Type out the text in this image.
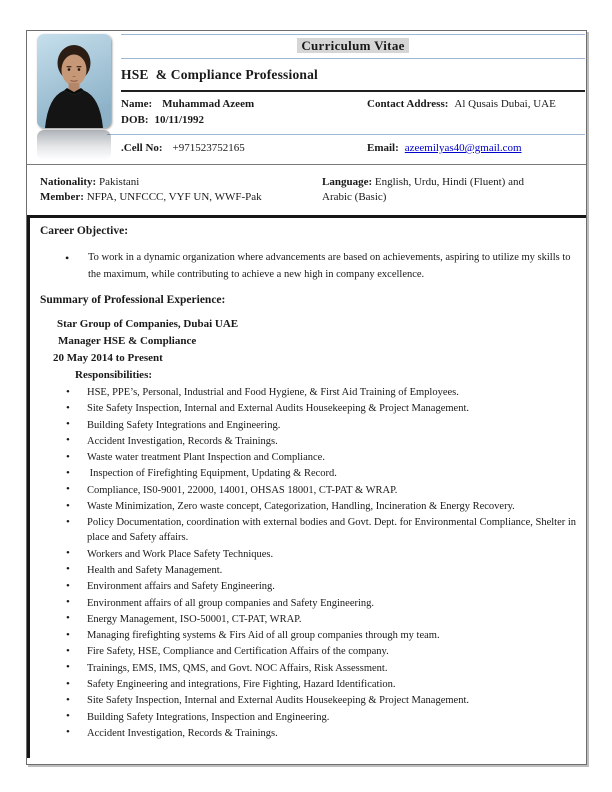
Curriculum Vitae
HSE  & Compliance Professional
Name: Muhammad Azeem	Contact Address: Al Qusais Dubai, UAE
DOB: 10/11/1992
.Cell No: +971523752165	Email: azeemilyas40@gmail.com
Nationality: Pakistani
Member: NFPA, UNFCCC, VYF UN, WWF-Pak
Language: English, Urdu, Hindi (Fluent) and Arabic (Basic)
Career Objective:
• To work in a dynamic organization where advancements are based on achievements, aspiring to utilize my skills to the maximum, while contributing to achieve a new high in company excellence.
Summary of Professional Experience:
Star Group of Companies, Dubai UAE
Manager HSE & Compliance
20 May 2014 to Present
Responsibilities:
• HSE, PPE’s, Personal, Industrial and Food Hygiene, & First Aid Training of Employees.
• Site Safety Inspection, Internal and External Audits Housekeeping & Project Management.
• Building Safety Integrations and Engineering.
• Accident Investigation, Records & Trainings.
• Waste water treatment Plant Inspection and Compliance.
•  Inspection of Firefighting Equipment, Updating & Record.
• Compliance, IS0-9001, 22000, 14001, OHSAS 18001, CT-PAT & WRAP.
• Waste Minimization, Zero waste concept, Categorization, Handling, Incineration & Energy Recovery.
• Policy Documentation, coordination with external bodies and Govt. Dept. for Environmental Compliance, Shelter in place and Safety affairs.
• Workers and Work Place Safety Techniques.
• Health and Safety Management.
• Environment affairs and Safety Engineering.
• Environment affairs of all group companies and Safety Engineering.
• Energy Management, ISO-50001, CT-PAT, WRAP.
• Managing firefighting systems & Firs Aid of all group companies through my team.
• Fire Safety, HSE, Compliance and Certification Affairs of the company.
• Trainings, EMS, IMS, QMS, and Govt. NOC Affairs, Risk Assessment.
• Safety Engineering and integrations, Fire Fighting, Hazard Identification.
• Site Safety Inspection, Internal and External Audits Housekeeping & Project Management.
• Building Safety Integrations, Inspection and Engineering.
• Accident Investigation, Records & Trainings.
